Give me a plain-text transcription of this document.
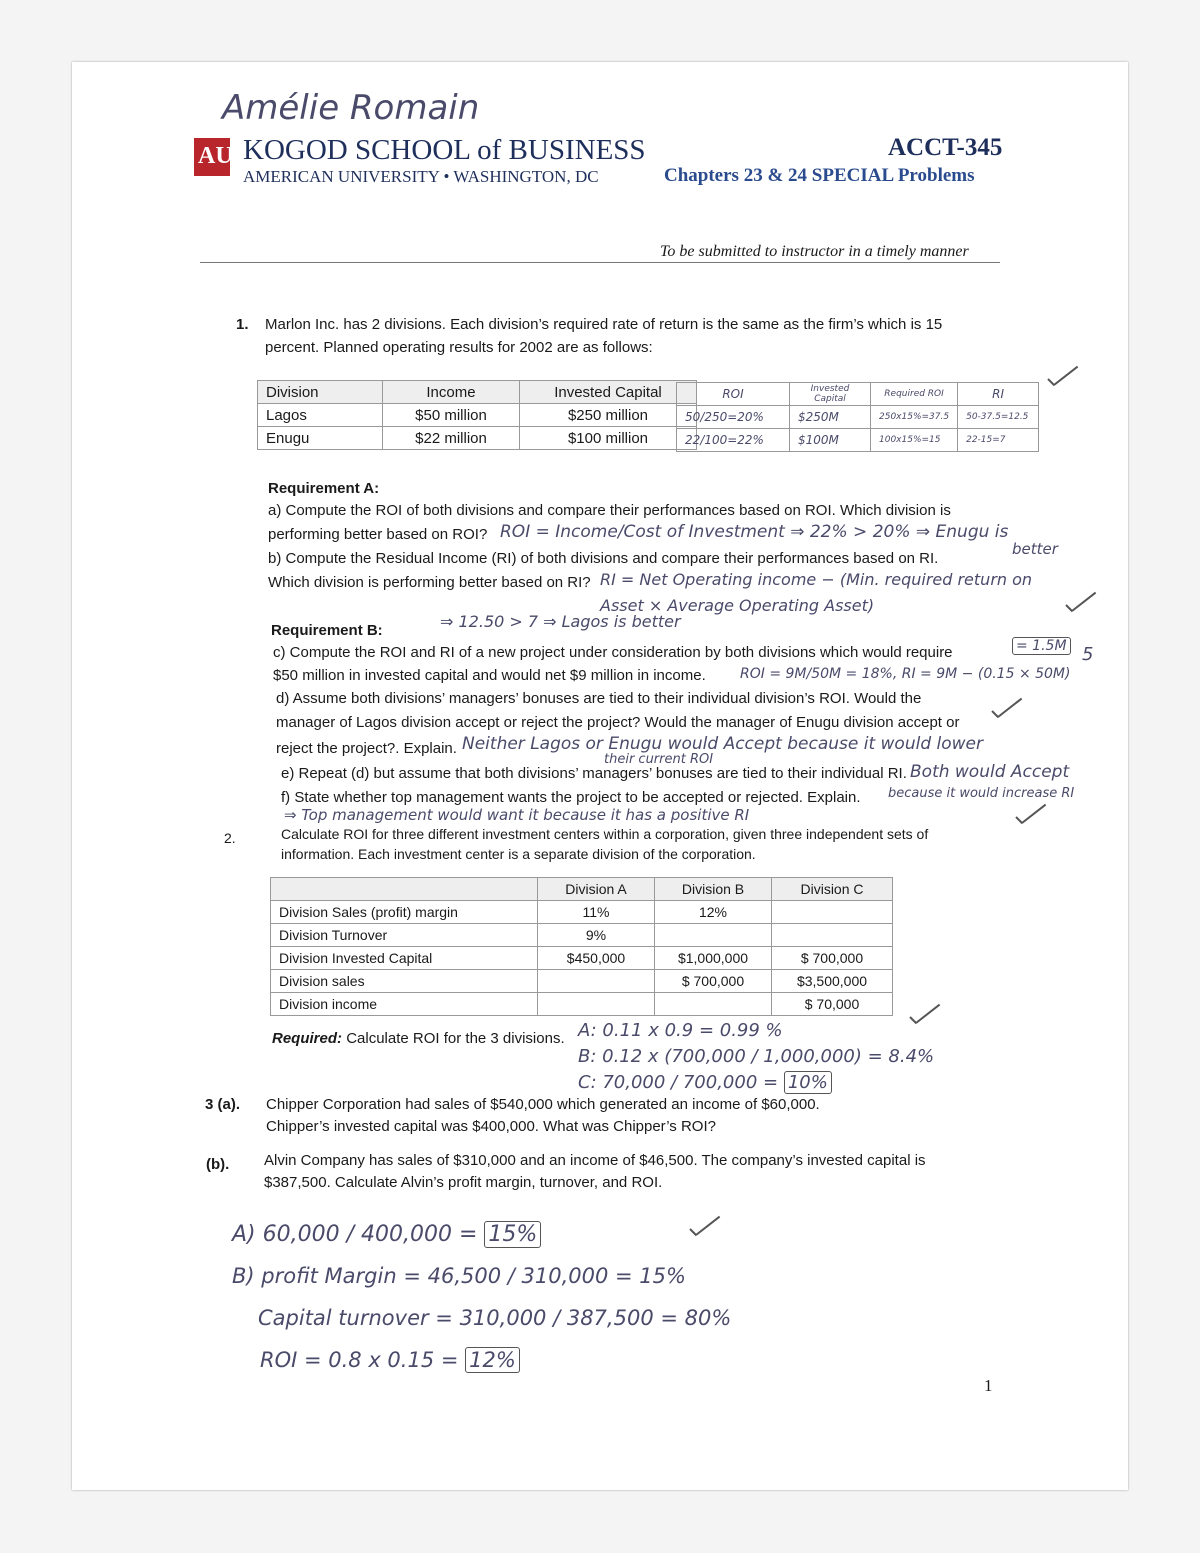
Amélie Romain
AU KOGOD SCHOOL of BUSINESS
AMERICAN UNIVERSITY • WASHINGTON, DC
ACCT-345
Chapters 23 & 24 SPECIAL Problems
To be submitted to instructor in a timely manner
1. Marlon Inc. has 2 divisions. Each division’s required rate of return is the same as the firm’s which is 15
percent. Planned operating results for 2002 are as follows:
Division	Income	Invested Capital
Lagos	$50 million	$250 million
Enugu	$22 million	$100 million
ROI	Invested Capital	Required ROI	RI
50/250=20%	$250M	250x15%=37.5	50-37.5=12.5
22/100=22%	$100M	100x15%=15	22-15=7
Requirement A:
a) Compute the ROI of both divisions and compare their performances based on ROI. Which division is
performing better based on ROI? ROI = Income/Cost of Investment ⇒ 22% > 20% ⇒ Enugu is
better
b) Compute the Residual Income (RI) of both divisions and compare their performances based on RI.
Which division is performing better based on RI? RI = Net Operating income − (Min. required return on
Asset × Average Operating Asset)
⇒ 12.50 > 7 ⇒ Lagos is better
Requirement B:
c) Compute the ROI and RI of a new project under consideration by both divisions which would require
$50 million in invested capital and would net $9 million in income. ROI = 9M/50M = 18%, RI = 9M − (0.15 × 50M)
= 1.5M 5
d) Assume both divisions’ managers’ bonuses are tied to their individual division’s ROI. Would the
manager of Lagos division accept or reject the project? Would the manager of Enugu division accept or
reject the project?. Explain. Neither Lagos or Enugu would Accept because it would lower
their current ROI
e) Repeat (d) but assume that both divisions’ managers’ bonuses are tied to their individual RI. Both would Accept
f) State whether top management wants the project to be accepted or rejected. Explain. because it would increase RI
⇒ Top management would want it because it has a positive RI
2.	Calculate ROI for three different investment centers within a corporation, given three independent sets of
information. Each investment center is a separate division of the corporation.
	Division A	Division B	Division C
Division Sales (profit) margin	11%	12%	
Division Turnover	9%		
Division Invested Capital	$450,000	$1,000,000	$ 700,000
Division sales		$ 700,000	$3,500,000
Division income			$ 70,000
Required: Calculate ROI for the 3 divisions. A: 0.11 x 0.9 = 0.99 %
B: 0.12 x (700,000 / 1,000,000) = 8.4%
C: 70,000 / 700,000 = 10%
3 (a). Chipper Corporation had sales of $540,000 which generated an income of $60,000.
Chipper’s invested capital was $400,000. What was Chipper’s ROI?
(b). Alvin Company has sales of $310,000 and an income of $46,500. The company’s invested capital is
$387,500. Calculate Alvin’s profit margin, turnover, and ROI.
A) 60,000 / 400,000 = 15%
B) profit Margin = 46,500 / 310,000 = 15%
Capital turnover = 310,000 / 387,500 = 80%
ROI = 0.8 x 0.15 = 12%
1
